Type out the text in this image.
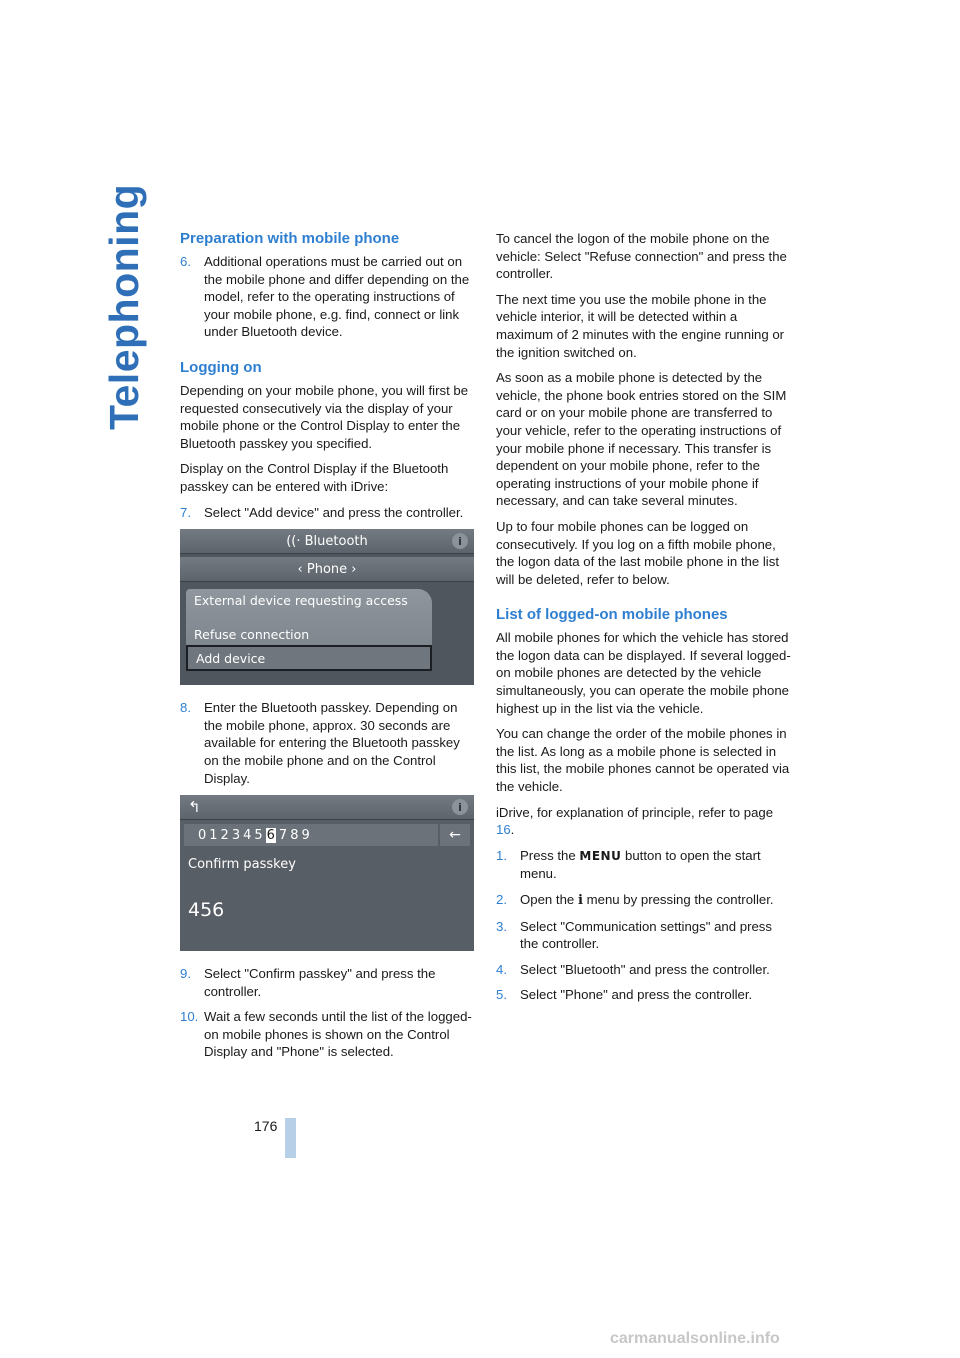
Telephoning Preparation with mobile phone
6. Additional operations must be carried out on the mobile phone and differ depending on the model, refer to the operating instructions of your mobile phone, e.g. find, connect or link under Bluetooth device.
Logging on

Depending on your mobile phone, you will first be requested consecutively via the display of your mobile phone or the Control Display to enter the Bluetooth passkey you specified.

Display on the Control Display if the Bluetooth passkey can be entered with iDrive:

7. Select "Add device" and press the controller.
((· Bluetooth	i
‹ Phone ›
External device requesting access
Refuse connection
Add device
8. Enter the Bluetooth passkey. Depending on the mobile phone, approx. 30 seconds are available for entering the Bluetooth passkey on the mobile phone and on the Control Display.
↰	i
012345 6 789	←
Confirm passkey
456
9. Select "Confirm passkey" and press the controller.
10. Wait a few seconds until the list of the logged-on mobile phones is shown on the Control Display and "Phone" is selected.

To cancel the logon of the mobile phone on the vehicle: Select "Refuse connection" and press the controller.

The next time you use the mobile phone in the vehicle interior, it will be detected within a maximum of 2 minutes with the engine running or the ignition switched on.

As soon as a mobile phone is detected by the vehicle, the phone book entries stored on the SIM card or on your mobile phone are transferred to your vehicle, refer to the operating instructions of your mobile phone if necessary. This transfer is dependent on your mobile phone, refer to the operating instructions of your mobile phone if necessary, and can take several minutes.

Up to four mobile phones can be logged on consecutively. If you log on a fifth mobile phone, the logon data of the last mobile phone in the list will be deleted, refer to below.

List of logged-on mobile phones

All mobile phones for which the vehicle has stored the logon data can be displayed. If several logged-on mobile phones are detected by the vehicle simultaneously, you can operate the mobile phone highest up in the list via the vehicle.

You can change the order of the mobile phones in the list. As long as a mobile phone is selected in this list, the mobile phones cannot be operated via the vehicle.

iDrive, for explanation of principle, refer to page 16.

1. Press the MENU button to open the start menu.
2. Open the i menu by pressing the controller.
3. Select "Communication settings" and press the controller.
4. Select "Bluetooth" and press the controller.
5. Select "Phone" and press the controller.
176
carmanualsonline.info
